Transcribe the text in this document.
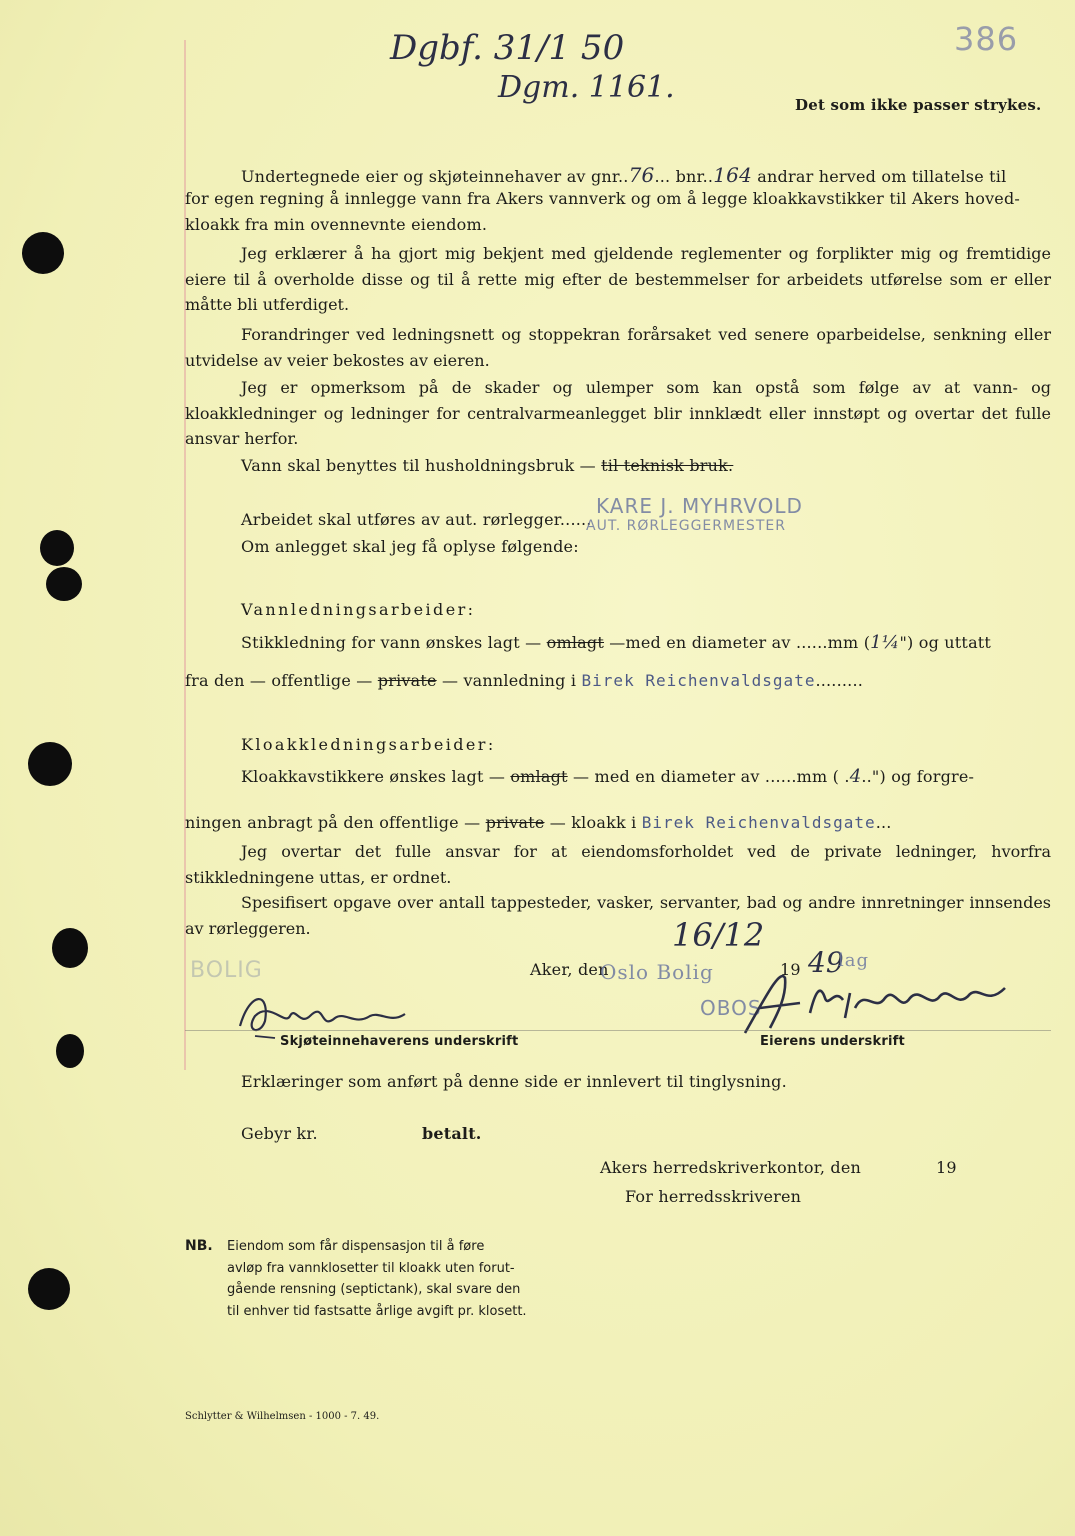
Dgbf. 31/1 50
Dgm. 1161.
386
Det som ikke passer strykes.
Undertegnede eier og skjøteinnehaver av gnr..76... bnr..164 andrar herved om tillatelse til
for egen regning å innlegge vann fra Akers vannverk og om å legge kloakkavstikker til Akers hoved-
kloakk fra min ovennevnte eiendom.
Jeg erklærer å ha gjort mig bekjent med gjeldende reglementer og forplikter mig og fremtidige eiere til å overholde disse og til å rette mig efter de bestemmelser for arbeidets utførelse som er eller måtte bli utferdiget.
Forandringer ved ledningsnett og stoppekran forårsaket ved senere oparbeidelse, senkning eller utvidelse av veier bekostes av eieren.
Jeg er opmerksom på de skader og ulemper som kan opstå som følge av at vann- og kloakkledninger og ledninger for centralvarmeanlegget blir innklædt eller innstøpt og overtar det fulle ansvar herfor.
Vann skal benyttes til husholdningsbruk — til teknisk bruk.
Arbeidet skal utføres av aut. rørlegger......
KARE J. MYHRVOLD
AUT. RØRLEGGERMESTER
Om anlegget skal jeg få oplyse følgende:
Vannledningsarbeider:
Stikkledning for vann ønskes lagt — omlagt —med en diameter av ......mm (1¼") og uttatt
fra den — offentlige — private — vannledning i Birek Reichenvaldsgate.........
Kloakkledningsarbeider:
Kloakkavstikkere ønskes lagt — omlagt — med en diameter av ......mm ( .4..") og forgre-
ningen anbragt på den offentlige — private — kloakk i Birek Reichenvaldsgate...
Jeg overtar det fulle ansvar for at eiendomsforholdet ved de private ledninger, hvorfra stikkledningene uttas, er ordnet.
Spesifisert opgave over antall tappesteder, vasker, servanter, bad og andre innretninger innsendes av rørleggeren.	16/12
BOLIG	Aker, den
Oslo Bolig	19 49
lag
OBOS
Skjøteinnehaverens underskrift	Eierens underskrift
Erklæringer som anført på denne side er innlevert til tinglysning.
Gebyr kr.	betalt.
Akers herredskriverkontor, den	19
For herredsskriveren
NB. Eiendom som får dispensasjon til å føre
avløp fra vannklosetter til kloakk uten forut-
gående rensning (septictank), skal svare den
til enhver tid fastsatte årlige avgift pr. klosett.
Schlytter & Wilhelmsen - 1000 - 7. 49.
